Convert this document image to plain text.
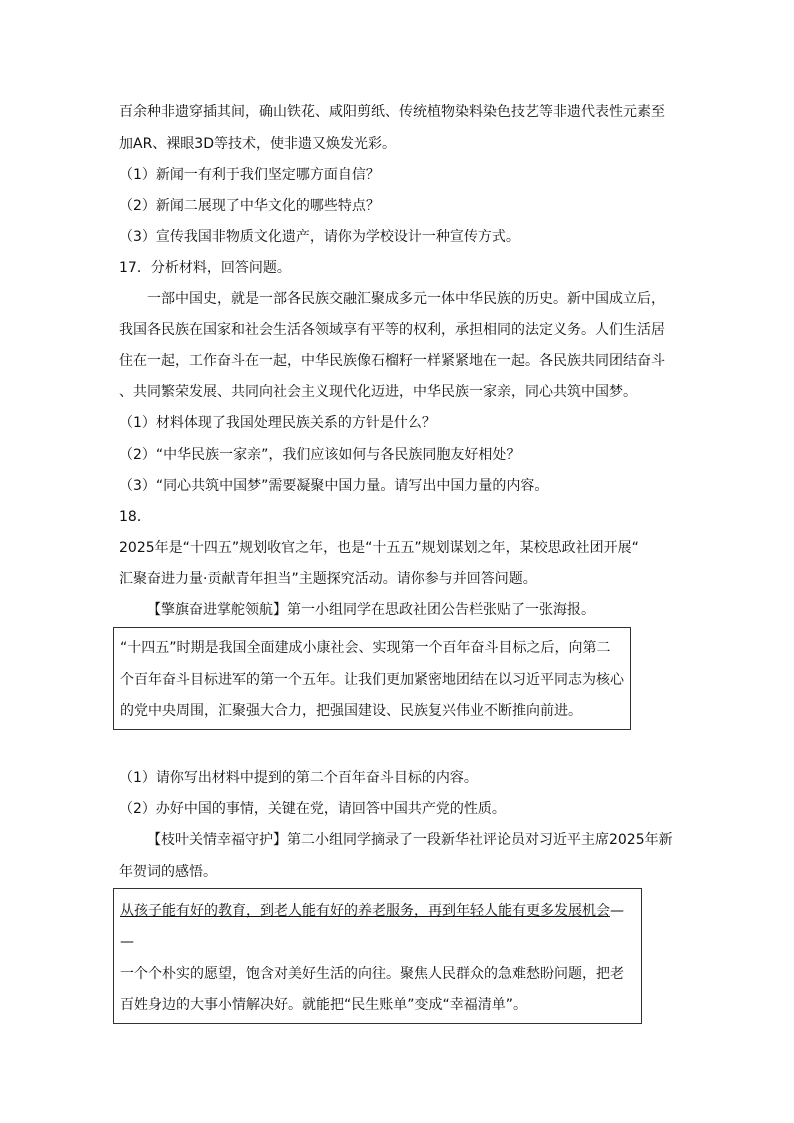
百余种非遗穿插其间，确山铁花、咸阳剪纸、传统植物染料染色技艺等非遗代表性元素至
加AR、裸眼3D等技术，使非遗又焕发光彩。
（1）新闻一有利于我们坚定哪方面自信？
（2）新闻二展现了中华文化的哪些特点？
（3）宣传我国非物质文化遗产，请你为学校设计一种宣传方式。
17．分析材料，回答问题。
一部中国史，就是一部各民族交融汇聚成多元一体中华民族的历史。新中国成立后，
我国各民族在国家和社会生活各领域享有平等的权利，承担相同的法定义务。人们生活居
住在一起，工作奋斗在一起，中华民族像石榴籽一样紧紧地在一起。各民族共同团结奋斗
、共同繁荣发展、共同向社会主义现代化迈进，中华民族一家亲，同心共筑中国梦。
（1）材料体现了我国处理民族关系的方针是什么？
（2）“中华民族一家亲”，我们应该如何与各民族同胞友好相处？
（3）“同心共筑中国梦”需要凝聚中国力量。请写出中国力量的内容。
18．
2025年是“十四五”规划收官之年，也是“十五五”规划谋划之年，某校思政社团开展“
汇聚奋进力量·贡献青年担当”主题探究活动。请你参与并回答问题。
【擎旗奋进掌舵领航】第一小组同学在思政社团公告栏张贴了一张海报。
“十四五”时期是我国全面建成小康社会、实现第一个百年奋斗目标之后，向第二
个百年奋斗目标进军的第一个五年。让我们更加紧密地团结在以习近平同志为核心
的党中央周围，汇聚强大合力，把强国建设、民族复兴伟业不断推向前进。
（1）请你写出材料中提到的第二个百年奋斗目标的内容。
（2）办好中国的事情，关键在党，请回答中国共产党的性质。
【枝叶关情幸福守护】第二小组同学摘录了一段新华社评论员对习近平主席2025年新
年贺词的感悟。
从孩子能有好的教育，到老人能有好的养老服务，再到年轻人能有更多发展机会—
—
一个个朴实的愿望，饱含对美好生活的向往。聚焦人民群众的急难愁盼问题，把老
百姓身边的大事小情解决好。就能把“民生账单”变成“幸福清单”。
